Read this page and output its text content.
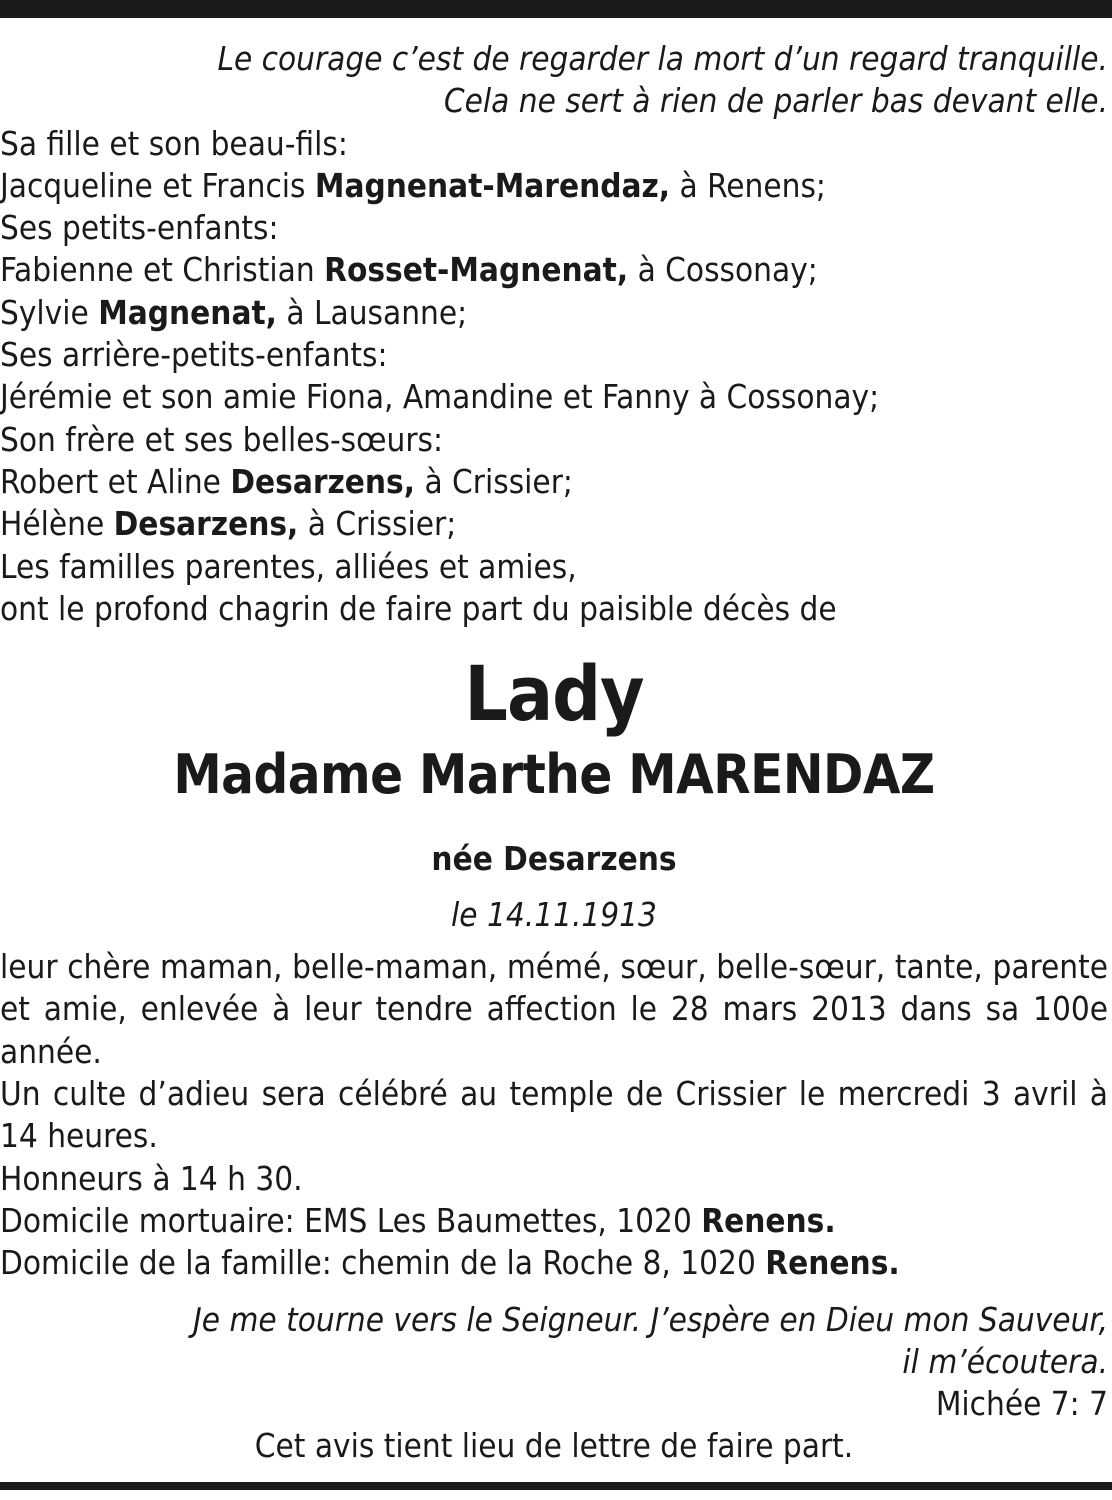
Le courage c’est de regarder la mort d’un regard tranquille.

Cela ne sert à rien de parler bas devant elle.

Sa fille et son beau-fils:

Jacqueline et Francis Magnenat-Marendaz, à Renens;

Ses petits-enfants:

Fabienne et Christian Rosset-Magnenat, à Cossonay;

Sylvie Magnenat, à Lausanne;

Ses arrière-petits-enfants:

Jérémie et son amie Fiona, Amandine et Fanny à Cossonay;

Son frère et ses belles-sœurs:

Robert et Aline Desarzens, à Crissier;

Hélène Desarzens, à Crissier;

Les familles parentes, alliées et amies,

ont le profond chagrin de faire part du paisible décès de

Lady
Madame Marthe MARENDAZ
née Desarzens
le 14.11.1913

leur chère maman, belle-maman, mémé, sœur, belle-sœur, tante, parente et amie, enlevée à leur tendre affection le 28 mars 2013 dans sa 100e année.

Un culte d’adieu sera célébré au temple de Crissier le mercredi 3 avril à 14 heures.

Honneurs à 14 h 30.

Domicile mortuaire: EMS Les Baumettes, 1020 Renens.

Domicile de la famille: chemin de la Roche 8, 1020 Renens.

Je me tourne vers le Seigneur. J’espère en Dieu mon Sauveur,

il m’écoutera.

Michée 7: 7

Cet avis tient lieu de lettre de faire part.
